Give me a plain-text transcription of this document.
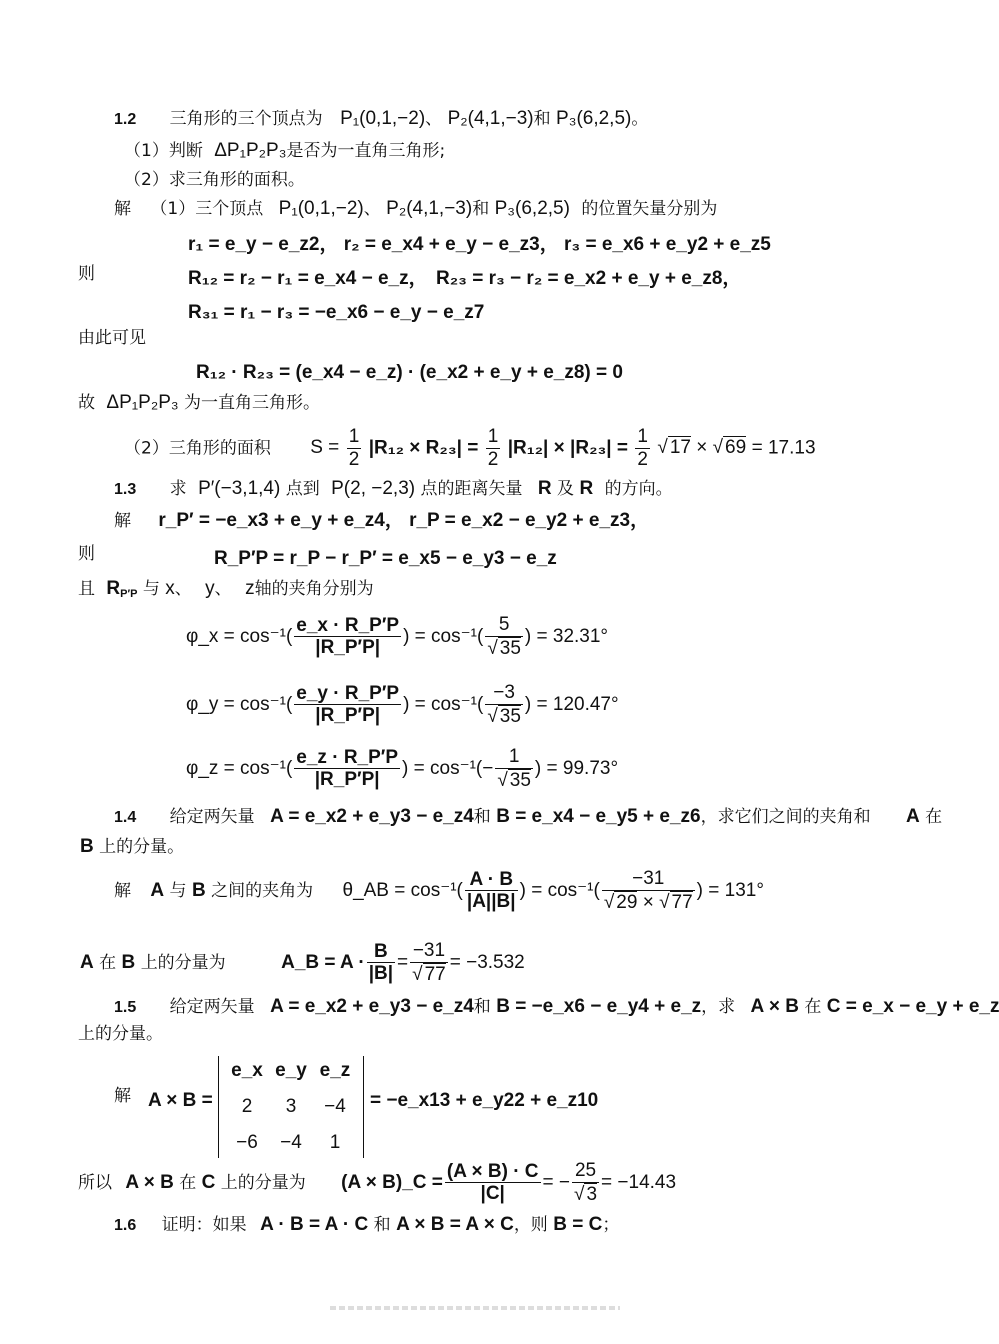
1.2 三角形的三个顶点为 P₁(0,1,−2)、 P₂(4,1,−3)和 P₃(6,2,5)。
（1）判断 ΔP₁P₂P₃是否为一直角三角形;
（2）求三角形的面积。
解 （1）三个顶点 P₁(0,1,−2)、 P₂(4,1,−3)和 P₃(6,2,5) 的位置矢量分别为
r₁ = e_y − e_z2， r₂ = e_x4 + e_y − e_z3， r₃ = e_x6 + e_y2 + e_z5
则	R₁₂ = r₂ − r₁ = e_x4 − e_z， R₂₃ = r₃ − r₂ = e_x2 + e_y + e_z8，
R₃₁ = r₁ − r₃ = −e_x6 − e_y − e_z7
由此可见
R₁₂ · R₂₃ = (e_x4 − e_z) · (e_x2 + e_y + e_z8) = 0
故 ΔP₁P₂P₃ 为一直角三角形。
（2）三角形的面积 $S = \frac{1}{2} |R_{12} \times R_{23}| = \frac{1}{2} |R_{12}| \times |R_{23}| = \frac{1}{2}$ √ 17 × √ 69 = 17.13
1.3 求 P′(−3,1,4) 点到 P(2, −2,3) 点的距离矢量 R 及 R 的方向。
解 r_P′ = −e_x3 + e_y + e_z4， r_P = e_x2 − e_y2 + e_z3，
则	R_P′P = r_P − r_P′ = e_x5 − e_y3 − e_z
且 $R_{P'P}$ 与 x、 y、 z轴的夹角分别为
φ_x = $\cos^{-1}( \frac{e\_x \cdot R\_P'P}{|R\_P'P|}$ ) = $\cos^{-1}( \frac{5}{√ 35}$ ) = 32.31°
φ_y = $\cos^{-1}( \frac{e\_y \cdot R\_P'P}{|R\_P'P|}$ ) = $\cos^{-1}( \frac{-3}{√ 35}$ ) = 120.47°
φ_z = $\cos^{-1}( \frac{e\_z \cdot R\_P'P}{|R\_P'P|}$ ) = $\cos^{-1}(- \frac{1}{√ 35}$ ) = 99.73°
1.4 给定两矢量 A = e_x2 + e_y3 − e_z4和 B = e_x4 − e_y5 + e_z6，求它们之间的夹角和 A 在
B 上的分量。
解 A 与 B 之间的夹角为 θ_AB = $\cos^{-1}( \frac{A \cdot B}{|A||B|}$ ) = $\cos^{-1}( \frac{-31}{√ 29 \times √ 77}$ ) = 131°
A 在 B 上的分量为	A_B = $A \cdot \frac{B}{|B|} = \frac{-31}{√ 77} = -3.532$
1.5 给定两矢量 A = e_x2 + e_y3 − e_z4和 B = −e_x6 − e_y4 + e_z，求 A × B 在 C = e_x − e_y + e_z
上的分量。
解 A × B =
e_x e_y e_z
2	3	−4
−6	−4	1
= −e_x13 + e_y22 + e_z10
所以 A × B 在 C 上的分量为 (A × B)_C = $\frac{(A \times B) \cdot C}{|C|}$ = − $\frac{25}{√ 3} = -14.43$
1.6 证明：如果 A · B = A · C 和 A × B = A × C，则 B = C；
